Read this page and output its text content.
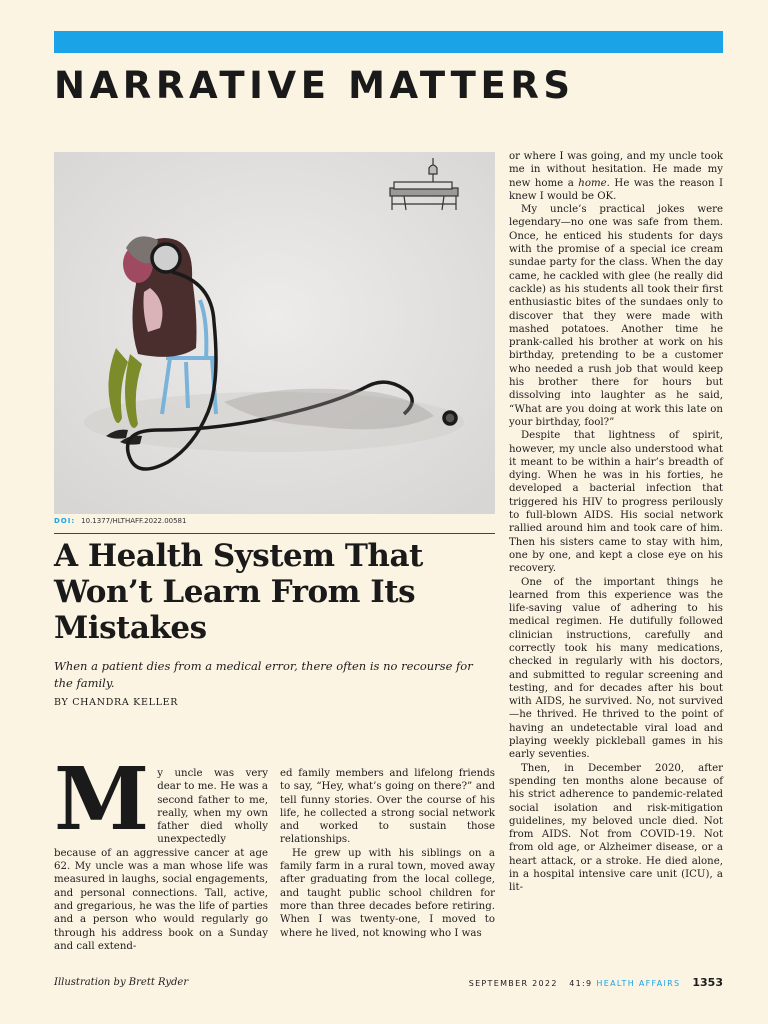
NARRATIVE MATTERS
DOI: 10.1377/HLTHAFF.2022.00581
A Health System That Won’t Learn From Its Mistakes
When a patient dies from a medical error, there often is no recourse for the family.
BY CHANDRA KELLER
M y uncle was very dear to me. He was a second father to me, really, when my own father died wholly unexpectedly because of an aggressive cancer at age 62. My uncle was a man whose life was measured in laughs, social engagements, and personal connections. Tall, active, and gregarious, he was the life of parties and a person who would regularly go through his address book on a Sunday and call extend-

ed family members and lifelong friends to say, “Hey, what’s going on there?” and tell funny stories. Over the course of his life, he collected a strong social network and worked to sustain those relationships.

He grew up with his siblings on a family farm in a rural town, moved away after graduating from the local college, and taught public school children for more than three decades before retiring. When I was twenty-one, I moved to where he lived, not knowing who I was

or where I was going, and my uncle took me in without hesitation. He made my new home a home. He was the reason I knew I would be OK.

My uncle’s practical jokes were legendary—no one was safe from them. Once, he enticed his students for days with the promise of a special ice cream sundae party for the class. When the day came, he cackled with glee (he really did cackle) as his students all took their first enthusiastic bites of the sundaes only to discover that they were made with mashed potatoes. Another time he prank-called his brother at work on his birthday, pretending to be a customer who needed a rush job that would keep his brother there for hours but dissolving into laughter as he said, “What are you doing at work this late on your birthday, fool?”

Despite that lightness of spirit, however, my uncle also understood what it meant to be within a hair’s breadth of dying. When he was in his forties, he developed a bacterial infection that triggered his HIV to progress perilously to full-blown AIDS. His social network rallied around him and took care of him. Then his sisters came to stay with him, one by one, and kept a close eye on his recovery.

One of the important things he learned from this experience was the life-saving value of adhering to his medical regimen. He dutifully followed clinician instructions, carefully and correctly took his many medications, checked in regularly with his doctors, and submitted to regular screening and testing, and for decades after his bout with AIDS, he survived. No, not survived—he thrived. He thrived to the point of having an undetectable viral load and playing weekly pickleball games in his early seventies.

Then, in December 2020, after spending ten months alone because of his strict adherence to pandemic-related social isolation and risk-mitigation guidelines, my beloved uncle died. Not from AIDS. Not from COVID-19. Not from old age, or Alzheimer disease, or a heart attack, or a stroke. He died alone, in a hospital intensive care unit (ICU), a lit-

Illustration by Brett Ryder	SEPTEMBER 2022   41:9 HEALTH AFFAIRS 1353
